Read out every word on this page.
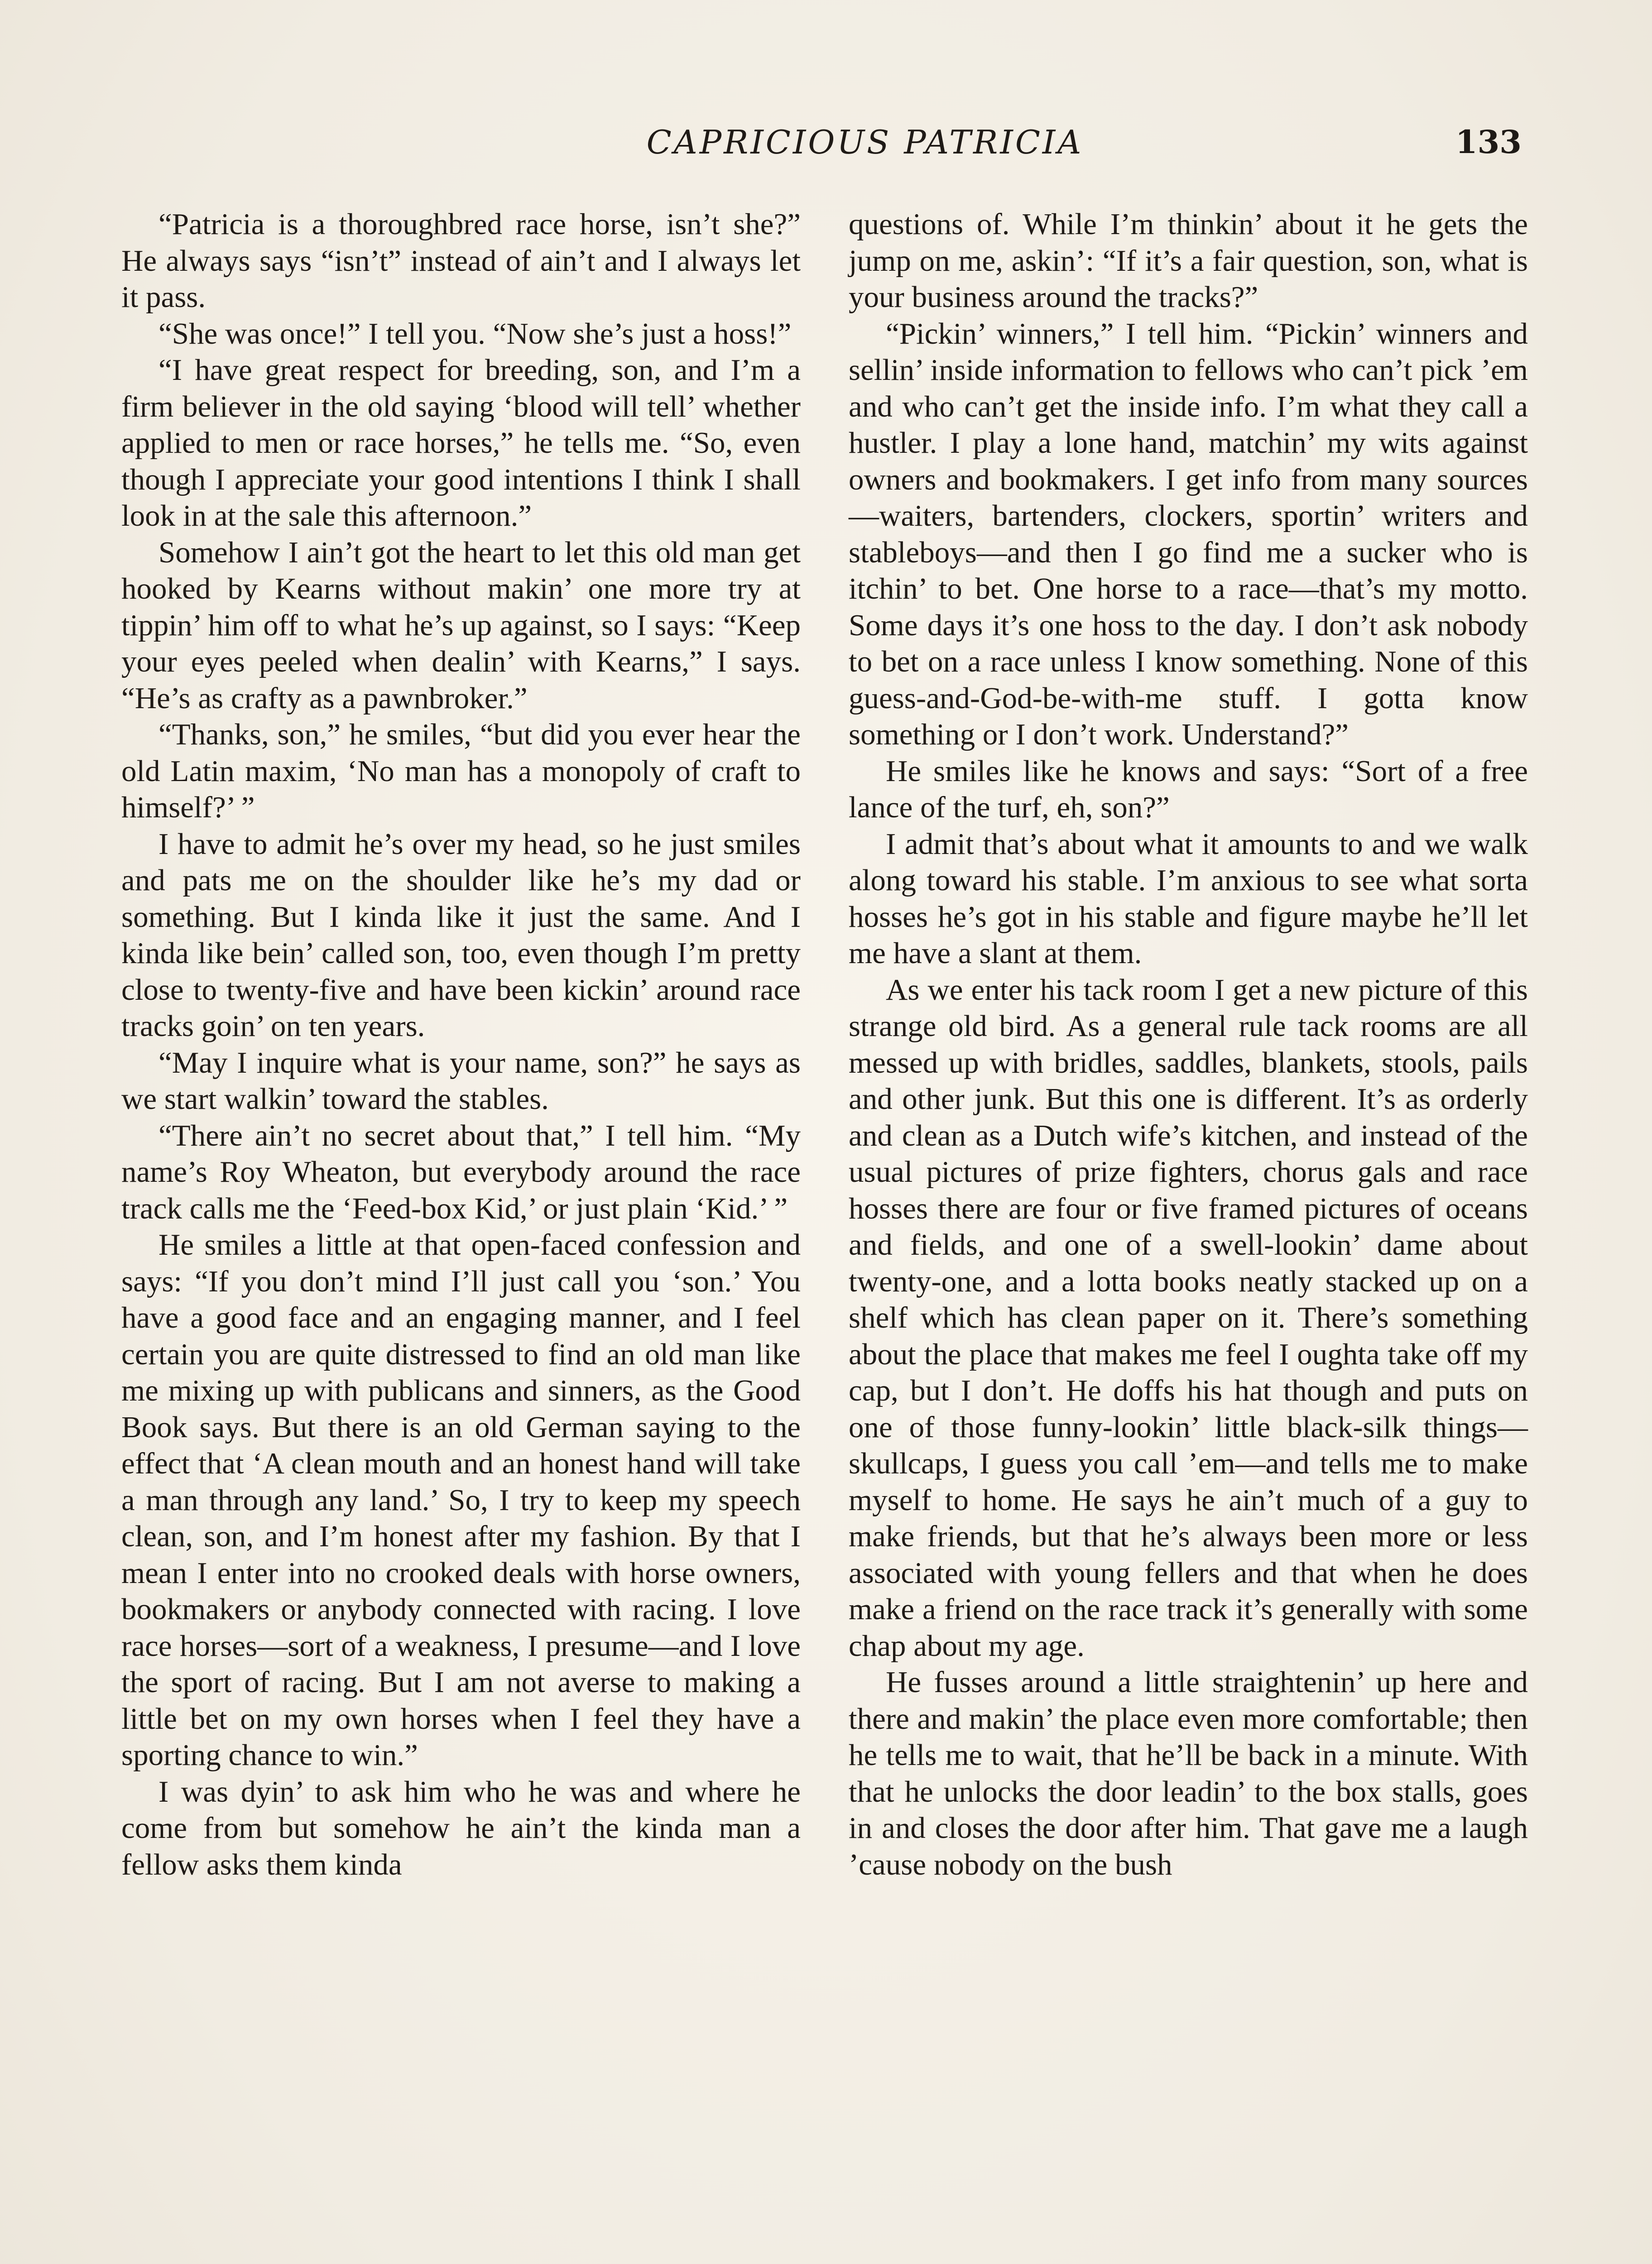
CAPRICIOUS PATRICIA	133

“Patricia is a thoroughbred race horse, isn’t she?” He always says “isn’t” instead of ain’t and I always let it pass.

“She was once!” I tell you. “Now she’s just a hoss!”

“I have great respect for breeding, son, and I’m a firm believer in the old saying ‘blood will tell’ whether applied to men or race horses,” he tells me. “So, even though I appreciate your good intentions I think I shall look in at the sale this afternoon.”

Somehow I ain’t got the heart to let this old man get hooked by Kearns without makin’ one more try at tippin’ him off to what he’s up against, so I says: “Keep your eyes peeled when dealin’ with Kearns,” I says. “He’s as crafty as a pawnbroker.”

“Thanks, son,” he smiles, “but did you ever hear the old Latin maxim, ‘No man has a monopoly of craft to himself?’ ”

I have to admit he’s over my head, so he just smiles and pats me on the shoulder like he’s my dad or something. But I kinda like it just the same. And I kinda like bein’ called son, too, even though I’m pretty close to twenty-five and have been kickin’ around race tracks goin’ on ten years.

“May I inquire what is your name, son?” he says as we start walkin’ toward the stables.

“There ain’t no secret about that,” I tell him. “My name’s Roy Wheaton, but everybody around the race track calls me the ‘Feed-box Kid,’ or just plain ‘Kid.’ ”

He smiles a little at that open-faced confession and says: “If you don’t mind I’ll just call you ‘son.’ You have a good face and an engaging manner, and I feel certain you are quite distressed to find an old man like me mixing up with publicans and sinners, as the Good Book says. But there is an old German saying to the effect that ‘A clean mouth and an honest hand will take a man through any land.’ So, I try to keep my speech clean, son, and I’m honest after my fashion. By that I mean I enter into no crooked deals with horse owners, bookmakers or anybody connected with racing. I love race horses—sort of a weakness, I presume—and I love the sport of racing. But I am not averse to making a little bet on my own horses when I feel they have a sporting chance to win.”

I was dyin’ to ask him who he was and where he come from but somehow he ain’t the kinda man a fellow asks them kinda

questions of. While I’m thinkin’ about it he gets the jump on me, askin’: “If it’s a fair question, son, what is your business around the tracks?”

“Pickin’ winners,” I tell him. “Pickin’ winners and sellin’ inside information to fellows who can’t pick ’em and who can’t get the inside info. I’m what they call a hustler. I play a lone hand, matchin’ my wits against owners and bookmakers. I get info from many sources—waiters, bartenders, clockers, sportin’ writers and stableboys—and then I go find me a sucker who is itchin’ to bet. One horse to a race—that’s my motto. Some days it’s one hoss to the day. I don’t ask nobody to bet on a race unless I know something. None of this guess-and-God-be-with-me stuff. I gotta know something or I don’t work. Understand?”

He smiles like he knows and says: “Sort of a free lance of the turf, eh, son?”

I admit that’s about what it amounts to and we walk along toward his stable. I’m anxious to see what sorta hosses he’s got in his stable and figure maybe he’ll let me have a slant at them.

As we enter his tack room I get a new picture of this strange old bird. As a general rule tack rooms are all messed up with bridles, saddles, blankets, stools, pails and other junk. But this one is different. It’s as orderly and clean as a Dutch wife’s kitchen, and instead of the usual pictures of prize fighters, chorus gals and race hosses there are four or five framed pictures of oceans and fields, and one of a swell-lookin’ dame about twenty-one, and a lotta books neatly stacked up on a shelf which has clean paper on it. There’s something about the place that makes me feel I oughta take off my cap, but I don’t. He doffs his hat though and puts on one of those funny-lookin’ little black-silk things—skullcaps, I guess you call ’em—and tells me to make myself to home. He says he ain’t much of a guy to make friends, but that he’s always been more or less associated with young fellers and that when he does make a friend on the race track it’s generally with some chap about my age.

He fusses around a little straightenin’ up here and there and makin’ the place even more comfortable; then he tells me to wait, that he’ll be back in a minute. With that he unlocks the door leadin’ to the box stalls, goes in and closes the door after him. That gave me a laugh ’cause nobody on the bush
